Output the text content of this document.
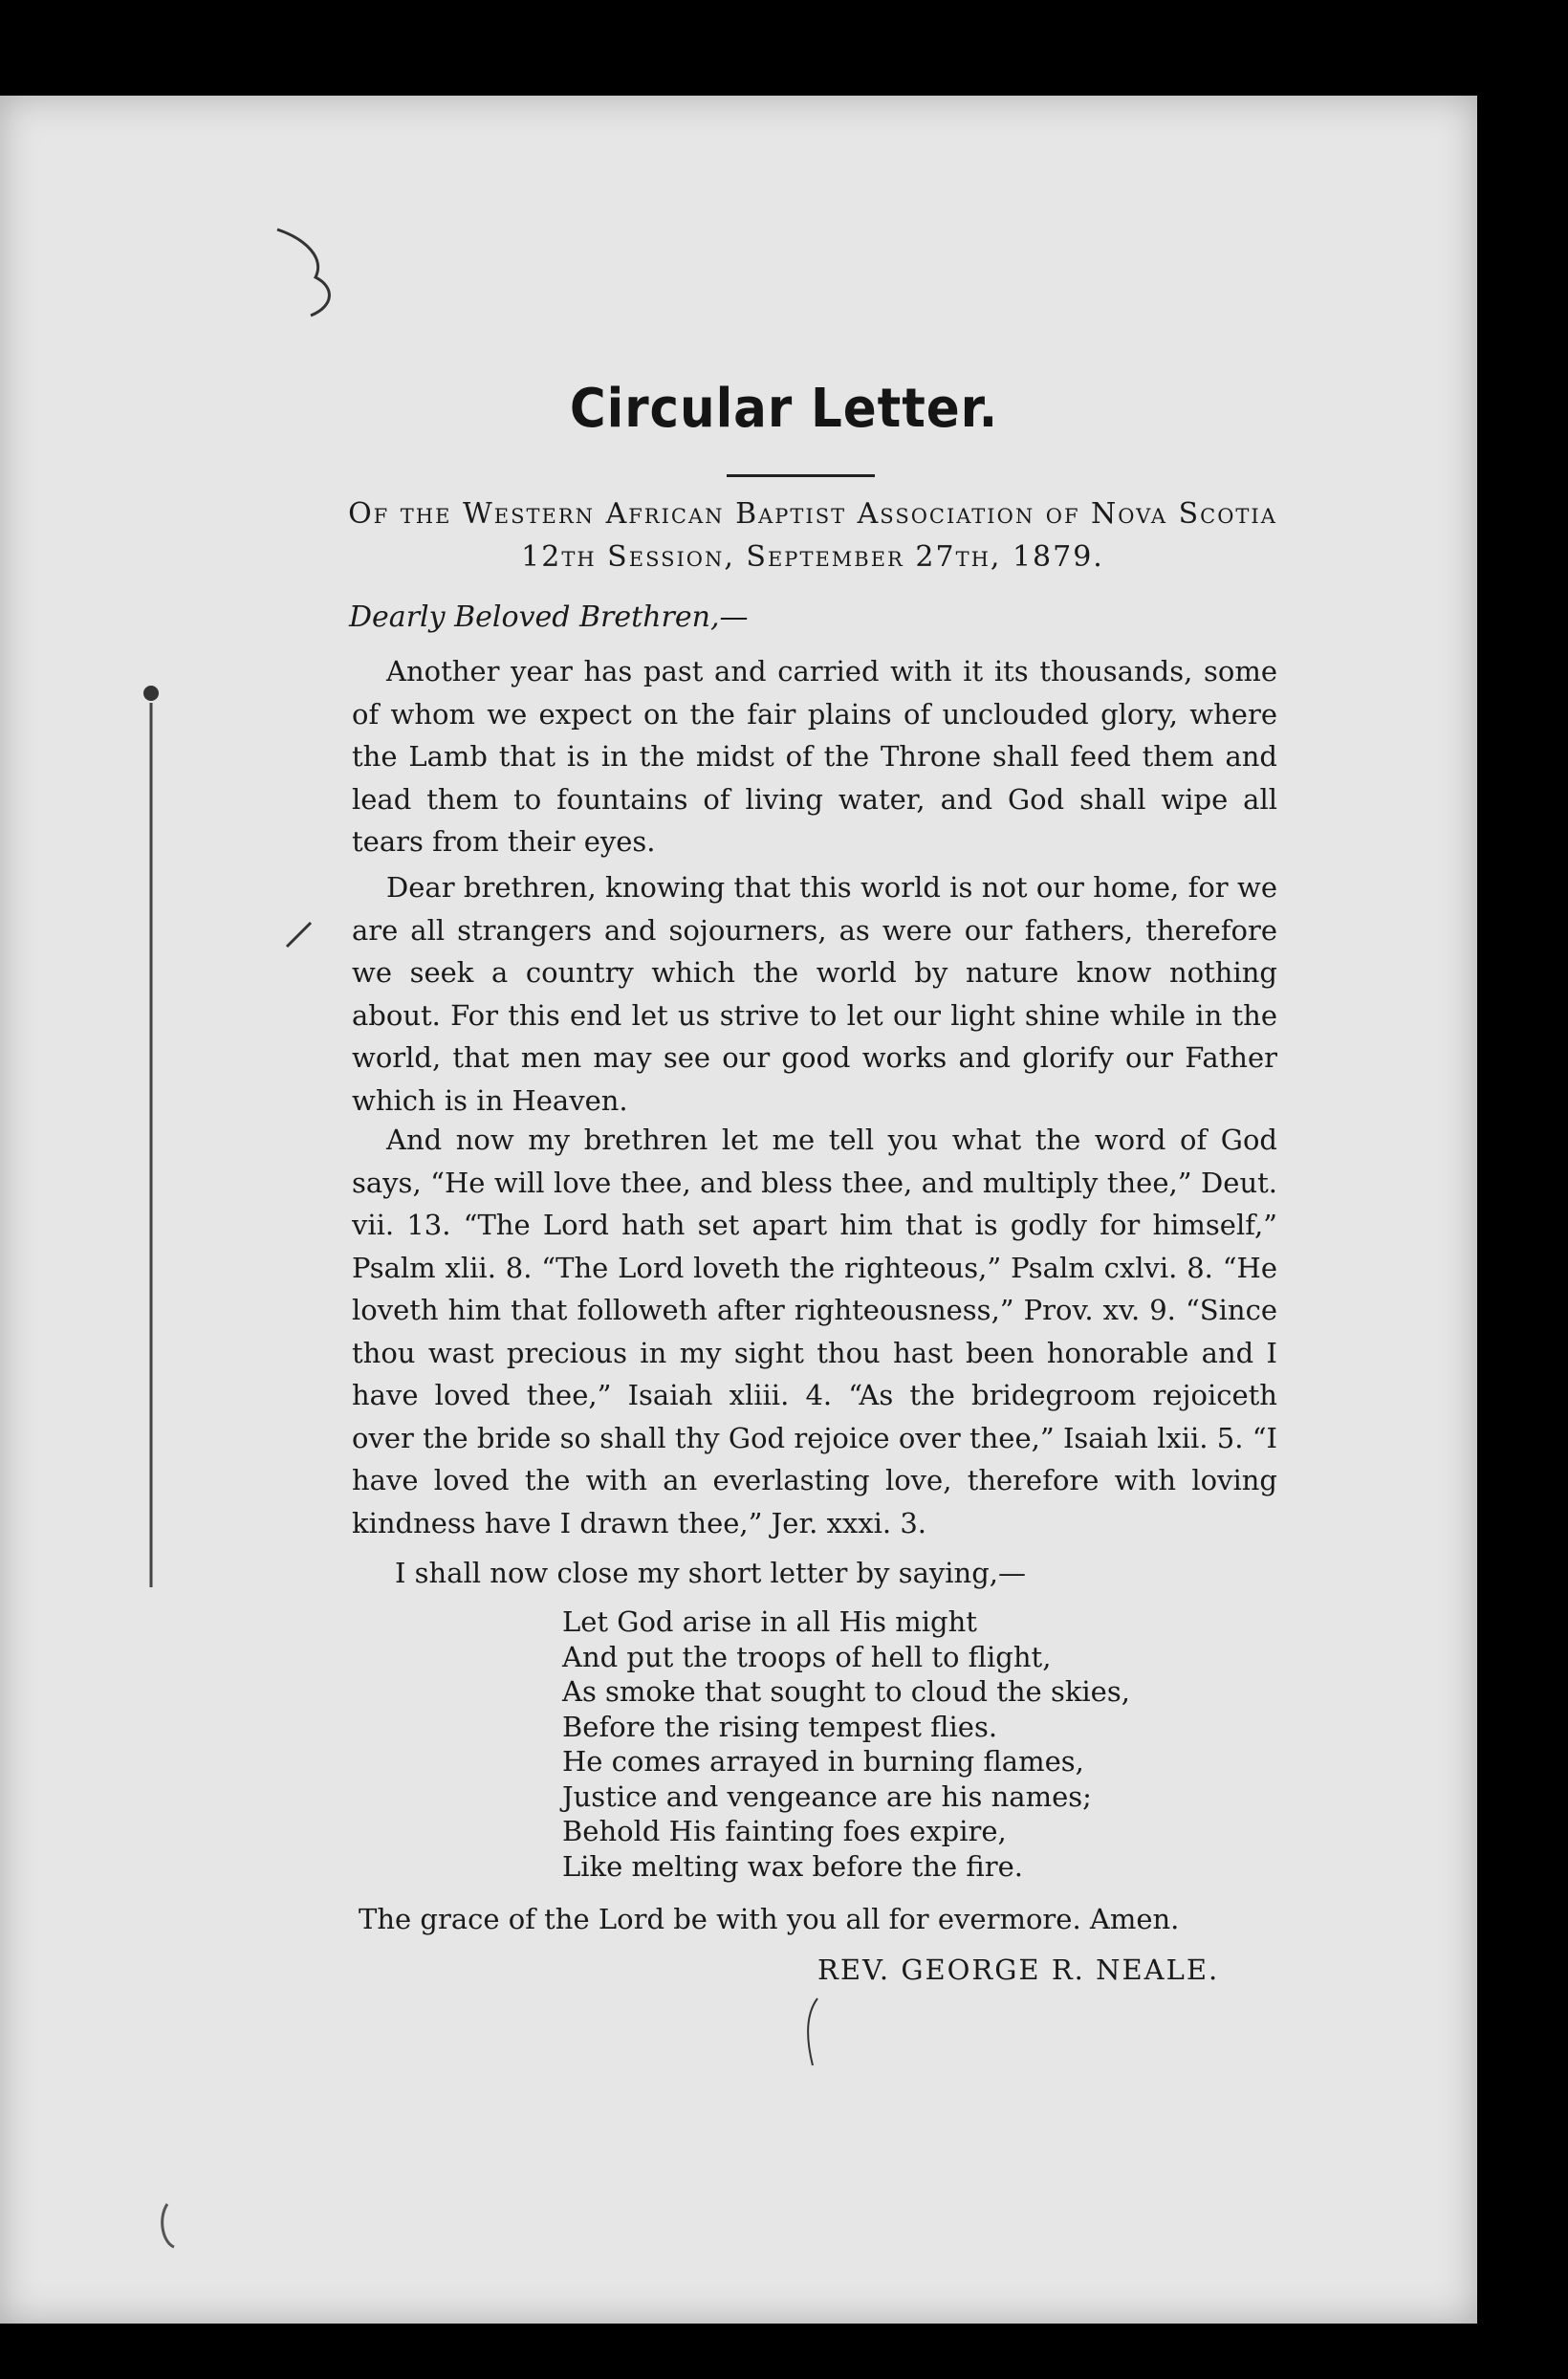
Circular Letter.
Of the Western African Baptist Association of Nova Scotia
12th Session, September 27th, 1879.
Dearly Beloved Brethren,—

Another year has past and carried with it its thousands, some of whom we expect on the fair plains of unclouded glory, where the Lamb that is in the midst of the Throne shall feed them and lead them to fountains of living water, and God shall wipe all tears from their eyes.

Dear brethren, knowing that this world is not our home, for we are all strangers and sojourners, as were our fathers, therefore we seek a country which the world by nature know nothing about. For this end let us strive to let our light shine while in the world, that men may see our good works and glorify our Father which is in Heaven.

And now my brethren let me tell you what the word of God says, “He will love thee, and bless thee, and multiply thee,” Deut. vii. 13. “The Lord hath set apart him that is godly for himself,” Psalm xlii. 8. “The Lord loveth the righteous,” Psalm cxlvi. 8. “He loveth him that followeth after righteousness,” Prov. xv. 9. “Since thou wast precious in my sight thou hast been honorable and I have loved thee,” Isaiah xliii. 4. “As the bridegroom rejoiceth over the bride so shall thy God rejoice over thee,” Isaiah lxii. 5. “I have loved the with an everlasting love, therefore with loving kindness have I drawn thee,” Jer. xxxi. 3.

I shall now close my short letter by saying,—
Let God arise in all His might
And put the troops of hell to flight,
As smoke that sought to cloud the skies,
Before the rising tempest flies.
He comes arrayed in burning flames,
Justice and vengeance are his names;
Behold His fainting foes expire,
Like melting wax before the fire.
The grace of the Lord be with you all for evermore. Amen.
REV. GEORGE R. NEALE.
